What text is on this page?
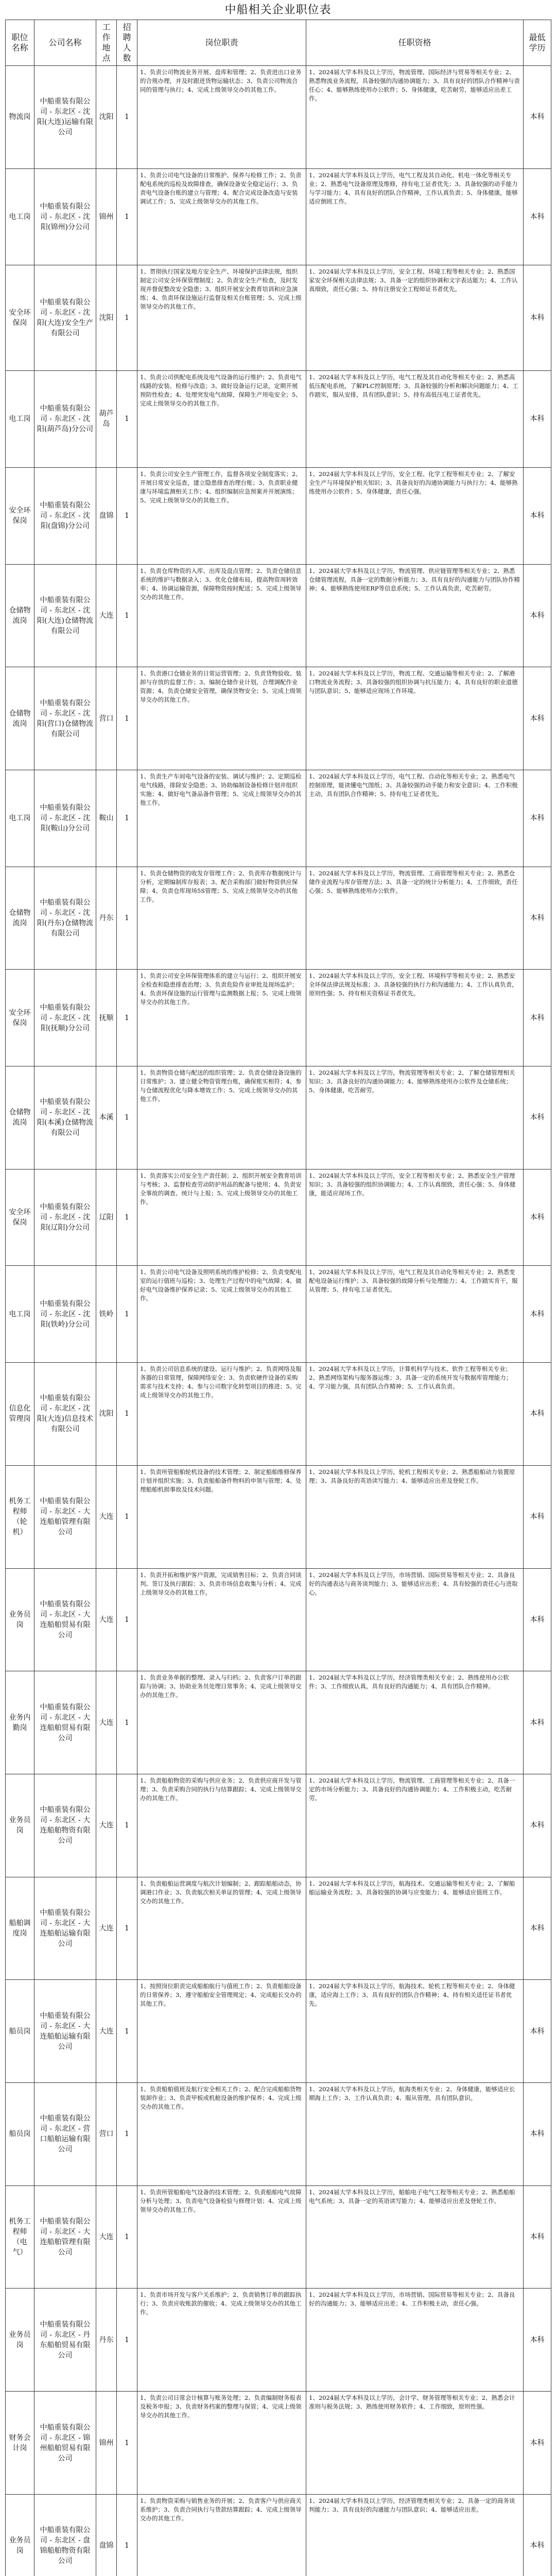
中船相关企业职位表
职位名称	公司名称	工作地点	招聘人数	岗位职责	任职资格	最低学历
物流岗	中船重装有限公司 - 东北区 - 沈阳(大连)运输有限公司	沈阳	1	1、负责公司物流业务开展、盘库和管理；2、负责进出口业务的合规办理，并及时跟进货物运输状态；3、负责公司物流合同的管理与执行；4、完成上级领导交办的其他工作。	1、2024届大学本科及以上学历，物流管理、国际经济与贸易等相关专业；2、熟悉物流业务流程，具备较强的沟通协调能力；3、具有良好的团队合作精神与责任心；4、能够熟练使用办公软件；5、身体健康，吃苦耐劳，能够适应出差工作。	本科
电工岗	中船重装有限公司 - 东北区 - 沈阳(锦州)分公司	锦州	1	1、负责公司电气设备的日常维护、保养与检修工作；2、负责配电系统的巡检及故障排查，确保设备安全稳定运行；3、负责电气设备台账的建立与管理；4、配合完成设备改造与安装调试工作；5、完成上级领导交办的其他工作。	1、2024届大学本科及以上学历，电气工程及其自动化、机电一体化等相关专业；2、熟悉电气设备原理及维修，持有电工证者优先；3、具备较强的动手能力与学习能力；4、具有良好的团队合作精神，工作认真负责；5、身体健康，能够适应倒班工作。	本科
安全环保岗	中船重装有限公司 - 东北区 - 沈阳(大连)安全生产有限公司	沈阳	1	1、贯彻执行国家及地方安全生产、环境保护法律法规，组织制定公司安全环保管理制度；2、负责安全生产检查，及时发现并督促整改安全隐患；3、组织开展安全教育培训和应急演练；4、负责环保设施运行监督及相关台账管理；5、完成上级领导交办的其他工作。	1、2024届大学本科及以上学历，安全工程、环境工程等相关专业；2、熟悉国家安全环保相关法律法规；3、具备一定的组织协调和文字表达能力；4、工作认真细致，责任心强；5、持有注册安全工程师证书者优先。	本科
电工岗	中船重装有限公司 - 东北区 - 沈阳(葫芦岛)分公司	葫芦岛	1	1、负责公司供配电系统及电气设备的运行维护；2、负责电气线路的安装、检修与改造；3、做好设备运行记录，定期开展预防性检查；4、处理突发电气故障，保障生产用电安全；5、完成上级领导交办的其他工作。	1、2024届大学本科及以上学历，电气工程及其自动化等相关专业；2、熟悉高低压配电系统，了解PLC控制原理；3、具备较强的分析和解决问题能力；4、工作踏实，服从安排，具有团队意识；5、持有高低压电工证者优先。	本科
安全环保岗	中船重装有限公司 - 东北区 - 沈阳(盘锦)分公司	盘锦	1	1、负责公司安全生产管理工作，监督各项安全制度落实；2、开展日常安全巡查，建立隐患排查治理台账；3、负责职业健康与环境监测相关工作；4、组织编制应急预案并开展演练；5、完成上级领导交办的其他工作。	1、2024届大学本科及以上学历，安全工程、化学工程等相关专业；2、了解安全生产与环境保护相关知识；3、具备良好的沟通协调能力与执行力；4、能够熟练使用办公软件；5、身体健康，责任心强。	本科
仓储物流岗	中船重装有限公司 - 东北区 - 沈阳(大连)仓储物流有限公司	大连	1	1、负责仓库物资的入库、出库及盘点管理；2、负责仓储信息系统的维护与数据录入；3、优化仓储布局，提高物资周转效率；4、协调运输资源，保障物资按时配送；5、完成上级领导交办的其他工作。	1、2024届大学本科及以上学历，物流管理、供应链管理等相关专业；2、熟悉仓储管理流程，具备一定的数据分析能力；3、具有良好的沟通能力与团队协作精神；4、能够熟练使用ERP等信息系统；5、工作认真负责，吃苦耐劳。	本科
仓储物流岗	中船重装有限公司 - 东北区 - 沈阳(营口)仓储物流有限公司	营口	1	1、负责港口仓储业务的日常运营管理；2、负责货物验收、装卸与存放的监督工作；3、编制仓储作业计划，合理调配作业资源；4、负责仓储安全管理，确保货物安全；5、完成上级领导交办的其他工作。	1、2024届大学本科及以上学历，物流工程、交通运输等相关专业；2、了解港口物流业务流程；3、具备较强的组织协调与抗压能力；4、具有良好的职业道德与团队意识；5、能够适应现场工作环境。	本科
电工岗	中船重装有限公司 - 东北区 - 沈阳(鞍山)分公司	鞍山	1	1、负责生产车间电气设备的安装、调试与维护；2、定期巡检电气线路，排除安全隐患；3、协助编制设备检修计划并组织实施；4、做好电气备品备件管理；5、完成上级领导交办的其他工作。	1、2024届大学本科及以上学历，电气工程、自动化等相关专业；2、熟悉电气控制原理，能读懂电气图纸；3、具备较强的动手能力和安全意识；4、工作积极主动，具有团队合作精神；5、持有电工证者优先。	本科
仓储物流岗	中船重装有限公司 - 东北区 - 沈阳(丹东)仓储物流有限公司	丹东	1	1、负责仓储物资的收发存管理工作；2、负责库存数据统计与分析，定期编制库存报表；3、配合采购部门做好物资供应保障；4、负责仓库现场5S管理；5、完成上级领导交办的其他工作。	1、2024届大学本科及以上学历，物流管理、工商管理等相关专业；2、熟悉仓储作业流程与库存管理方法；3、具备一定的统计分析能力；4、工作细致，责任心强；5、能够熟练使用办公软件。	本科
安全环保岗	中船重装有限公司 - 东北区 - 沈阳(抚顺)分公司	抚顺	1	1、负责公司安全环保管理体系的建立与运行；2、组织开展安全检查和隐患排查治理；3、负责危险作业审批及现场监护；4、负责环保设施的运行管理与监测数据上报；5、完成上级领导交办的其他工作。	1、2024届大学本科及以上学历，安全工程、环境科学等相关专业；2、熟悉安全环保法律法规及标准；3、具备较强的执行力和沟通能力；4、工作认真负责，原则性强；5、持有相关资格证书者优先。	本科
仓储物流岗	中船重装有限公司 - 东北区 - 沈阳(本溪)仓储物流有限公司	本溪	1	1、负责物资仓储与配送的组织管理；2、负责仓储设备设施的日常维护；3、建立健全物资管理台账，确保账实相符；4、参与仓储流程优化与降本增效工作；5、完成上级领导交办的其他工作。	1、2024届大学本科及以上学历，物流管理等相关专业；2、了解仓储管理相关知识；3、具备良好的沟通协调能力；4、能够熟练使用办公软件及仓储系统；5、身体健康，吃苦耐劳。	本科
安全环保岗	中船重装有限公司 - 东北区 - 沈阳(辽阳)分公司	辽阳	1	1、负责落实公司安全生产责任制；2、组织开展安全教育培训与考核；3、监督检查劳动防护用品的配备与使用；4、负责安全事故的调查、统计与上报；5、完成上级领导交办的其他工作。	1、2024届大学本科及以上学历，安全工程等相关专业；2、熟悉安全生产管理知识；3、具备较强的组织协调能力；4、工作认真细致，责任心强；5、身体健康，能适应现场工作。	本科
电工岗	中船重装有限公司 - 东北区 - 沈阳(铁岭)分公司	铁岭	1	1、负责公司电气设备及照明系统的维护检修；2、负责变配电室的运行值班与巡检；3、处理生产过程中的电气故障；4、做好电气设备维护保养记录；5、完成上级领导交办的其他工作。	1、2024届大学本科及以上学历，电气工程及其自动化等相关专业；2、熟悉变配电设备运行维护；3、具备较强的故障分析与处理能力；4、工作踏实肯干，服从管理；5、持有电工证者优先。	本科
信息化管理岗	中船重装有限公司 - 东北区 - 沈阳(大连)信息技术有限公司	沈阳	1	1、负责公司信息系统的建设、运行与维护；2、负责网络及服务器的日常管理，保障网络安全；3、负责软硬件设备的采购需求与技术支持；4、参与公司数字化转型项目的推进；5、完成上级领导交办的其他工作。	1、2024届大学本科及以上学历，计算机科学与技术、软件工程等相关专业；2、熟悉网络架构与服务器运维；3、具备一定的系统开发与数据库管理能力；4、学习能力强，具有团队合作精神；5、工作认真负责。	本科
机务工程师（轮机）	中船重装有限公司 - 东北区 - 大连船舶管理有限公司	大连	1	1、负责所管船舶轮机设备的技术管理；2、制定船舶维修保养计划并组织实施；3、负责船舶备件物料的申领与管理；4、处理船舶机损事故及技术问题。	1、2024届大学本科及以上学历，轮机工程相关专业；2、熟悉船舶动力装置原理；3、具备良好的英语读写能力；4、能够适应出差及登轮工作。	本科
业务员岗	中船重装有限公司 - 东北区 - 大连船舶贸易有限公司	大连	1	1、负责开拓和维护客户资源，完成销售目标；2、负责合同谈判、签订及执行跟踪；3、负责市场信息收集与分析；4、完成上级领导交办的其他工作。	1、2024届大学本科及以上学历，市场营销、国际贸易等相关专业；2、具备良好的沟通表达与商务谈判能力；3、能够适应出差；4、具有较强的责任心与进取心。	本科
业务内勤岗	中船重装有限公司 - 东北区 - 大连船舶贸易有限公司	大连	1	1、负责业务单据的整理、录入与归档；2、负责客户订单的跟踪与协调；3、协助业务员处理日常事务；4、完成上级领导交办的其他工作。	1、2024届大学本科及以上学历，经济管理类相关专业；2、熟练使用办公软件；3、工作细致认真，具有良好的沟通能力；4、具有团队合作精神。	本科
业务员岗	中船重装有限公司 - 东北区 - 大连船舶物资有限公司	大连	1	1、负责船舶物资的采购与供应业务；2、负责供应商开发与管理；3、负责采购合同的执行与结算跟踪；4、完成上级领导交办的其他工作。	1、2024届大学本科及以上学历，物流管理、工商管理等相关专业；2、具备一定的市场分析能力；3、具备良好的沟通协调能力；4、工作积极主动，吃苦耐劳。	本科
船舶调度岗	中船重装有限公司 - 东北区 - 大连船舶运输有限公司	大连	1	1、负责船舶运营调度与航次计划编制；2、跟踪船舶动态，协调港口作业；3、负责航次相关单证的管理；4、完成上级领导交办的其他工作。	1、2024届大学本科及以上学历，航海技术、交通运输等相关专业；2、了解船舶运输业务流程；3、具备较强的协调与应变能力；4、能够适应值班工作。	本科
船员岗	中船重装有限公司 - 东北区 - 大连船舶运输有限公司	大连	1	1、按照岗位职责完成船舶航行与值班工作；2、负责船舶设备的日常保养；3、遵守船舶安全管理规定；4、完成船长交办的其他工作。	1、2024届大学本科及以上学历，航海技术、轮机工程等相关专业；2、身体健康，适应海上工作；3、具有良好的团队合作精神；4、持有相关适任证书者优先。	本科
船员岗	中船重装有限公司 - 东北区 - 营口船舶运输有限公司	营口	1	1、负责船舶值班及航行安全相关工作；2、配合完成船舶货物装卸作业；3、负责甲板或机舱设备的维护保养；4、完成上级交办的其他工作。	1、2024届大学本科及以上学历，航海类相关专业；2、身体健康，能够适应长期海上工作；3、工作认真负责；4、服从管理，具有团队意识。	本科
机务工程师（电气）	中船重装有限公司 - 东北区 - 大连船舶管理有限公司	大连	1	1、负责所管船舶电气设备的技术管理；2、负责船舶电气故障分析与处理；3、负责电气设备检验与修理计划；4、完成上级领导交办的其他工作。	1、2024届大学本科及以上学历，船舶电子电气工程等相关专业；2、熟悉船舶电气系统；3、具备一定的英语读写能力；4、能够适应出差及登轮工作。	本科
业务员岗	中船重装有限公司 - 东北区 - 丹东船舶贸易有限公司	丹东	1	1、负责市场开发与客户关系维护；2、负责销售订单的跟踪执行；3、负责应收账款的催收；4、完成上级领导交办的其他工作。	1、2024届大学本科及以上学历，市场营销、国际贸易等相关专业；2、具备良好的沟通能力；3、能够适应出差；4、工作积极主动，责任心强。	本科
财务会计岗	中船重装有限公司 - 东北区 - 锦州船舶贸易有限公司	锦州	1	1、负责公司日常会计核算与账务处理；2、负责编制财务报表及税务申报；3、负责财务档案的整理与保管；4、完成上级领导交办的其他工作。	1、2024届大学本科及以上学历，会计学、财务管理等相关专业；2、熟悉会计准则与税务法规；3、熟练使用财务软件；4、工作细致，原则性强。	本科
业务员岗	中船重装有限公司 - 东北区 - 盘锦船舶物资有限公司	盘锦	1	1、负责物资采购与销售业务的开展；2、负责客户与供应商关系维护；3、负责合同执行与货款结算跟踪；4、完成上级领导交办的其他工作。	1、2024届大学本科及以上学历，经济管理类相关专业；2、具备一定的商务谈判能力；3、具有良好的沟通能力与团队意识；4、能够适应出差。	本科
